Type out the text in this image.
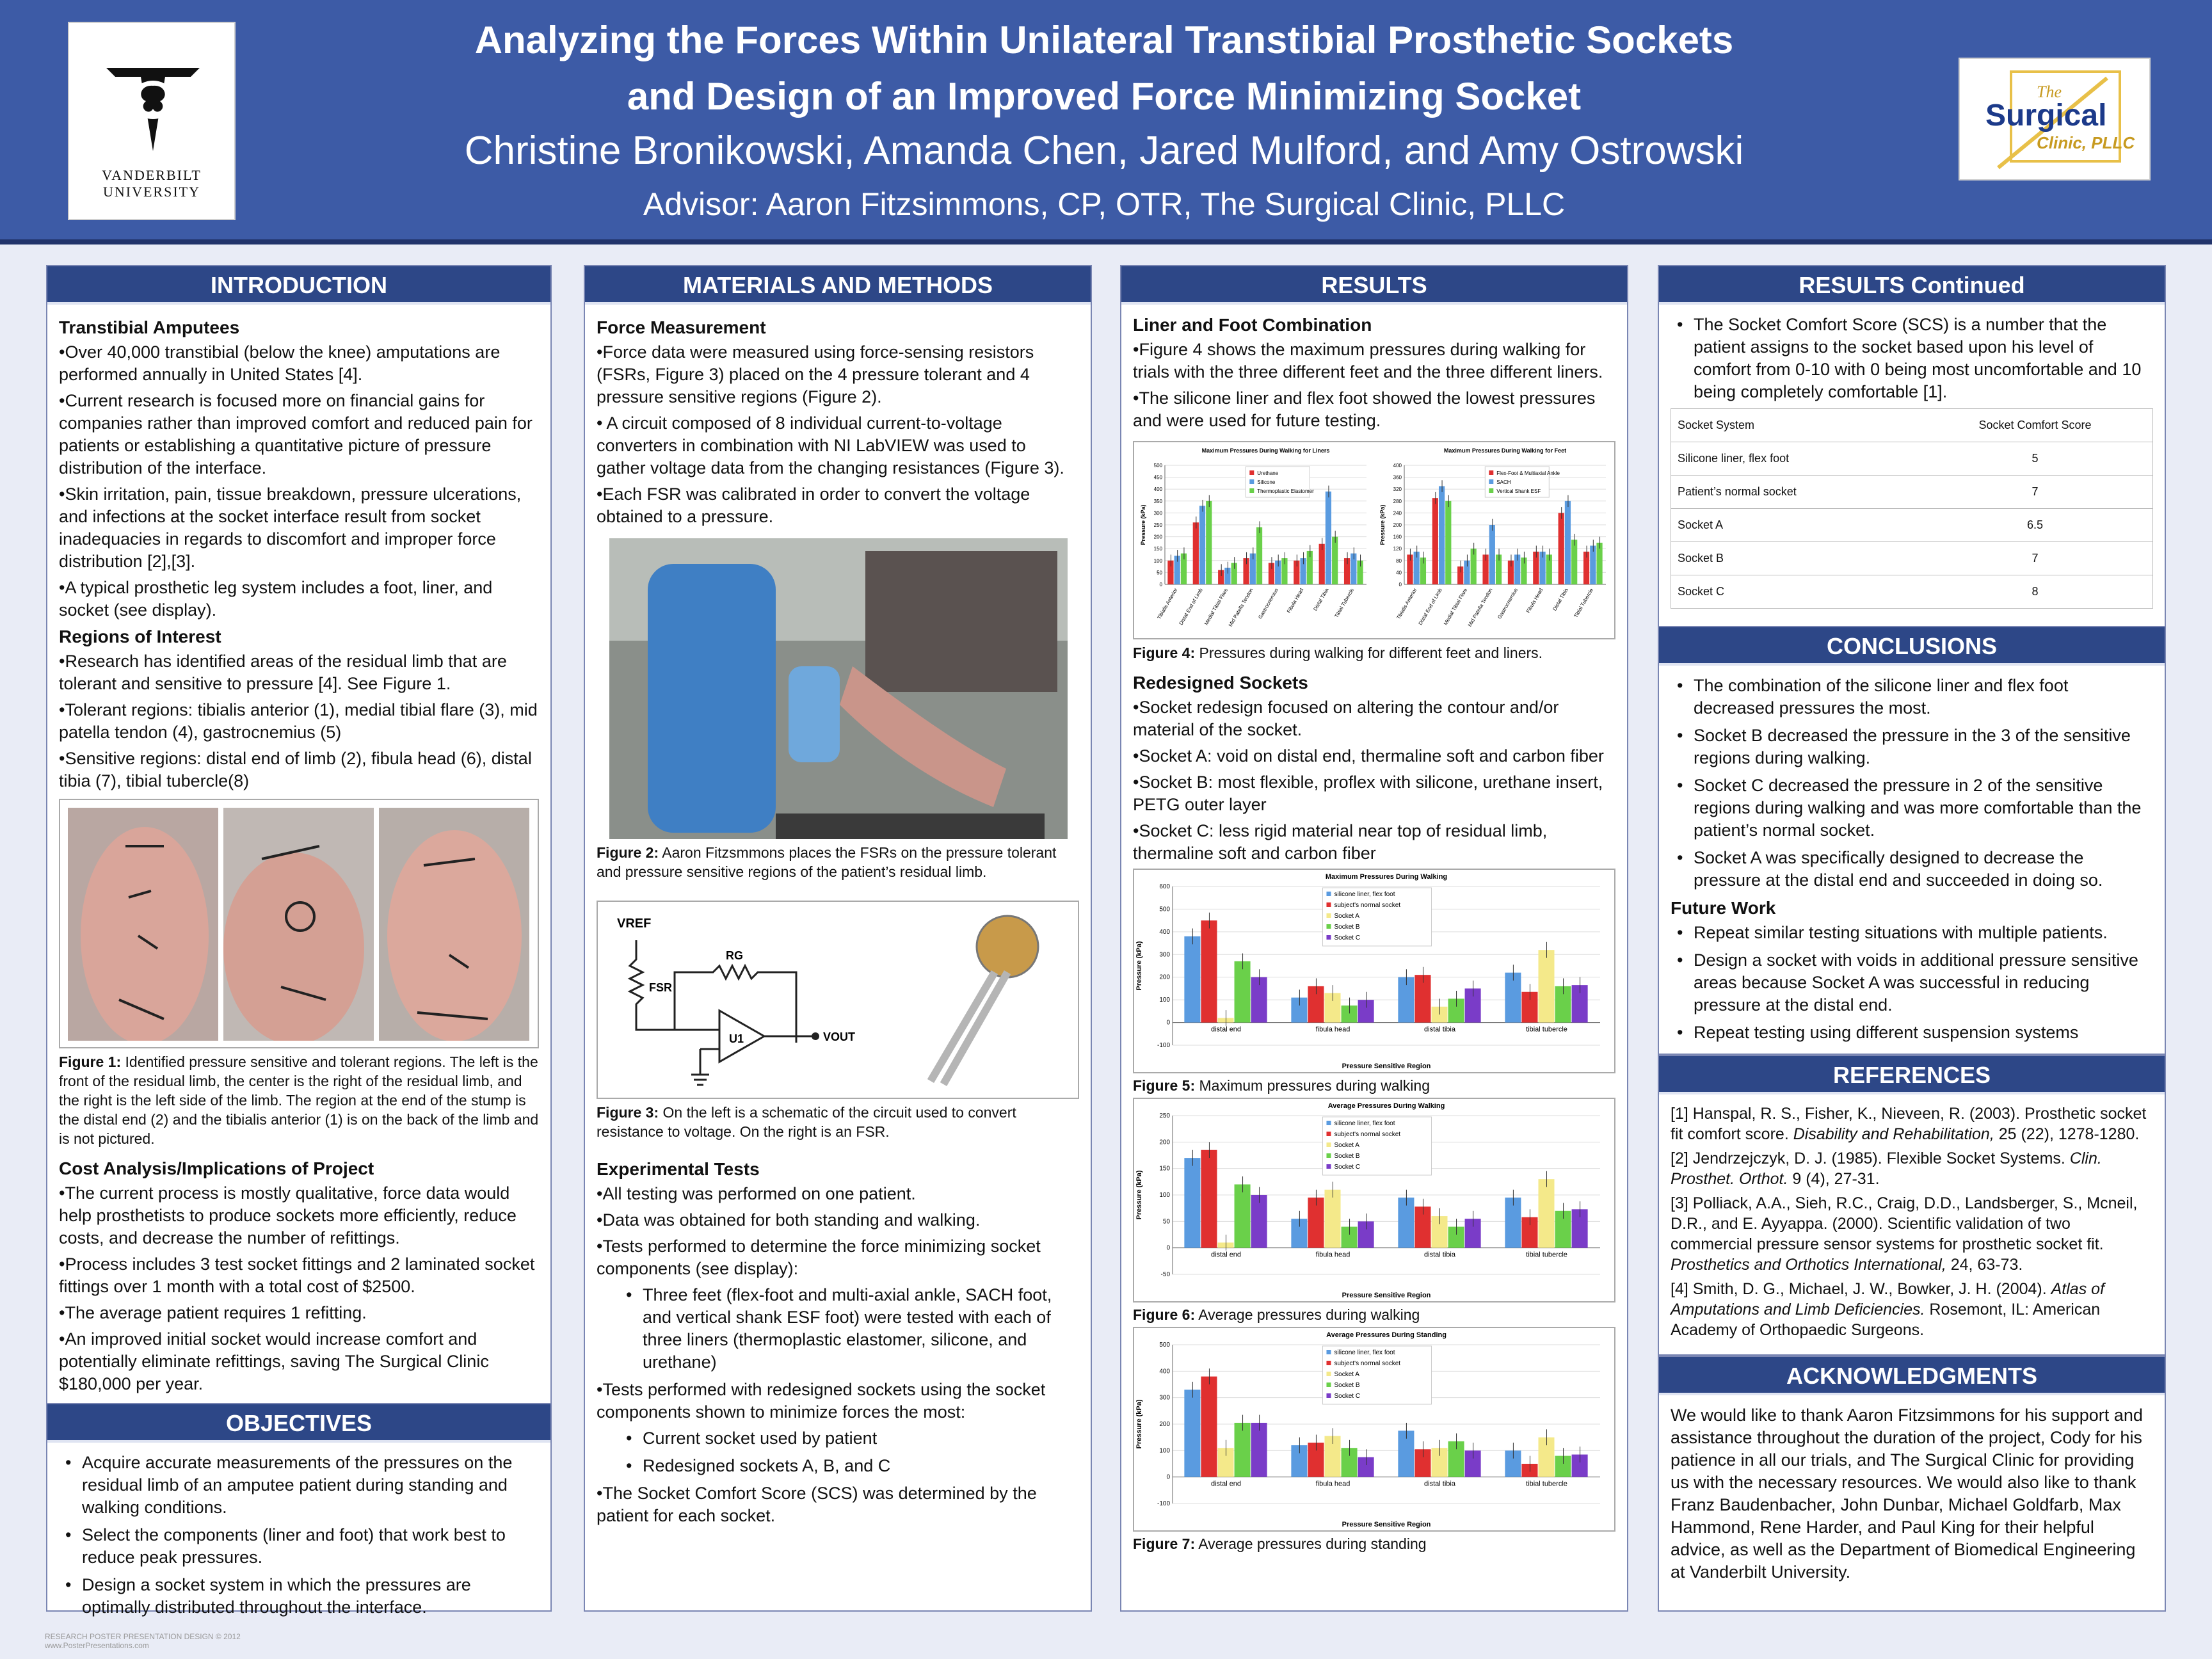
VANDERBILT
UNIVERSITY
Analyzing the Forces Within Unilateral Transtibial Prosthetic Sockets
and Design of an Improved Force Minimizing Socket
Christine Bronikowski, Amanda Chen, Jared Mulford, and Amy Ostrowski
Advisor: Aaron Fitzsimmons, CP, OTR, The Surgical Clinic, PLLC
The
Surgical
Clinic, PLLC
INTRODUCTION
Transtibial Amputees

•Over 40,000 transtibial (below the knee) amputations are performed annually in United States [4].

•Current research is focused more on financial gains for companies rather than improved comfort and reduced pain for patients or establishing a quantitative picture of pressure distribution of the interface.

•Skin irritation, pain, tissue breakdown, pressure ulcerations, and infections at the socket interface result from socket inadequacies in regards to discomfort and improper force distribution [2],[3].

•A typical prosthetic leg system includes a foot, liner, and socket (see display).

Regions of Interest

•Research has identified areas of the residual limb that are tolerant and sensitive to pressure [4]. See Figure 1.

•Tolerant regions: tibialis anterior (1), medial tibial flare (3), mid patella tendon (4), gastrocnemius (5)

•Sensitive regions: distal end of limb (2), fibula head (6), distal tibia (7), tibial tubercle(8)

Figure 1: Identified pressure sensitive and tolerant regions. The left is the front of the residual limb, the center is the right of the residual limb, and the right is the left side of the limb. The region at the end of the stump is the distal end (2) and the tibialis anterior (1) is on the back of the limb and is not pictured.
Cost Analysis/Implications of Project

•The current process is mostly qualitative, force data would help prosthetists to produce sockets more efficiently, reduce costs, and decrease the number of refittings.

•Process includes 3 test socket fittings and 2 laminated socket fittings over 1 month with a total cost of $2500.

•The average patient requires 1 refitting.

•An improved initial socket would increase comfort and potentially eliminate refittings, saving The Surgical Clinic $180,000 per year.

OBJECTIVES
• Acquire accurate measurements of the pressures on the residual limb of an amputee patient during standing and walking conditions.
• Select the components (liner and foot) that work best to reduce peak pressures.
• Design a socket system in which the pressures are optimally distributed throughout the interface.
MATERIALS AND METHODS
Force Measurement

•Force data were measured using force-sensing resistors (FSRs, Figure 3) placed on the 4 pressure tolerant and 4 pressure sensitive regions (Figure 2).

• A circuit composed of 8 individual current-to-voltage converters in combination with NI LabVIEW was used to gather voltage data from the changing resistances (Figure 3).

•Each FSR was calibrated in order to convert the voltage obtained to a pressure.

Figure 2: Aaron Fitzsmmons places the FSRs on the pressure tolerant and pressure sensitive regions of the patient’s residual limb.
VREF
FSR
RG
U1	VOUT
Figure 3: On the left is a schematic of the circuit used to convert resistance to voltage. On the right is an FSR.
Experimental Tests

•All testing was performed on one patient.

•Data was obtained for both standing and walking.

•Tests performed to determine the force minimizing socket components (see display):

• Three feet (flex-foot and multi-axial ankle, SACH foot, and vertical shank ESF foot) were tested with each of three liners (thermoplastic elastomer, silicone, and urethane)

•Tests performed with redesigned sockets using the socket components shown to minimize forces the most:

• Current socket used by patient
• Redesigned sockets A, B, and C

•The Socket Comfort Score (SCS) was determined by the patient for each socket.

RESULTS
Liner and Foot Combination

•Figure 4 shows the maximum pressures during walking for trials with the three different feet and the three different liners.

•The silicone liner and flex foot showed the lowest pressures and were used for future testing.

Maximum Pressures During Walking for Liners
0
50
100
150
200
250
300
350
400
450
500
Tibialis Anterior Distal End of Limb Medial Tibial Flare
Mid Patella Tendon Gastrocnemius Fibula Head Distal Tibia Tibial Tubercle
Pressure (kPa)
Urethane
Silicone
Thermoplastic Elastomer
Maximum Pressures During Walking for Feet
0
40
80
120
160
200
240
280
320
360
400
Tibialis Anterior Distal End of Limb Medial Tibial Flare
Mid Patella Tendon Gastrocnemius Fibula Head Distal Tibia Tibial Tubercle
Pressure (kPa)
Flex-Foot & Multiaxial Ankle
SACH
Vertical Shank ESF
Figure 4: Pressures during walking for different feet and liners.
Redesigned Sockets

•Socket redesign focused on altering the contour and/or material of the socket.

•Socket A: void on distal end, thermaline soft and carbon fiber

•Socket B: most flexible, proflex with silicone, urethane insert, PETG outer layer

•Socket C: less rigid material near top of residual limb, thermaline soft and carbon fiber

Maximum Pressures During Walking
-100
0
100
200
300
400
500
600
distal end	fibula head	distal tibia	tibial tubercle
Pressure (kPa)
Pressure Sensitive Region
silicone liner, flex foot
subject's normal socket
Socket A
Socket B
Socket C
Figure 5: Maximum pressures during walking
Average Pressures During Walking
-50
0
50
100
150
200
250
distal end	fibula head	distal tibia	tibial tubercle
Pressure (kPa)
Pressure Sensitive Region
silicone liner, flex foot
subject's normal socket
Socket A
Socket B
Socket C
Figure 6: Average pressures during walking
Average Pressures During Standing
-100
0
100
200
300
400
500
distal end	fibula head	distal tibia	tibial tubercle
Pressure (kPa)
Pressure Sensitive Region
silicone liner, flex foot
subject's normal socket
Socket A
Socket B
Socket C
Figure 7: Average pressures during standing
RESULTS Continued
• The Socket Comfort Score (SCS) is a number that the patient assigns to the socket based upon his level of comfort from 0-10 with 0 being most uncomfortable and 10 being completely comfortable [1].
Socket System	Socket Comfort Score
Silicone liner, flex foot	5
Patient’s normal socket	7
Socket A	6.5
Socket B	7
Socket C	8
CONCLUSIONS
• The combination of the silicone liner and flex foot decreased pressures the most.
• Socket B decreased the pressure in the 3 of the sensitive regions during walking.
• Socket C decreased the pressure in 2 of the sensitive regions during walking and was more comfortable than the patient’s normal socket.
• Socket A was specifically designed to decrease the pressure at the distal end and succeeded in doing so.
Future Work
• Repeat similar testing situations with multiple patients.
• Design a socket with voids in additional pressure sensitive areas because Socket A was successful in reducing pressure at the distal end.
• Repeat testing using different suspension systems
REFERENCES

[1] Hanspal, R. S., Fisher, K., Nieveen, R. (2003). Prosthetic socket fit comfort score. Disability and Rehabilitation, 25 (22), 1278-1280.

[2] Jendrzejczyk, D. J. (1985). Flexible Socket Systems. Clin. Prosthet. Orthot. 9 (4), 27-31.

[3] Polliack, A.A., Sieh, R.C., Craig, D.D., Landsberger, S., Mcneil, D.R., and E. Ayyappa. (2000). Scientific validation of two commercial pressure sensor systems for prosthetic socket fit. Prosthetics and Orthotics International, 24, 63-73.

[4] Smith, D. G., Michael, J. W., Bowker, J. H. (2004). Atlas of Amputations and Limb Deficiencies. Rosemont, IL: American Academy of Orthopaedic Surgeons.

ACKNOWLEDGMENTS

We would like to thank Aaron Fitzsimmons for his support and assistance throughout the duration of the project, Cody for his patience in all our trials, and The Surgical Clinic for providing us with the necessary resources. We would also like to thank Franz Baudenbacher, John Dunbar, Michael Goldfarb, Max Hammond, Rene Harder, and Paul King for their helpful advice, as well as the Department of Biomedical Engineering at Vanderbilt University.

RESEARCH POSTER PRESENTATION DESIGN © 2012
www.PosterPresentations.com
